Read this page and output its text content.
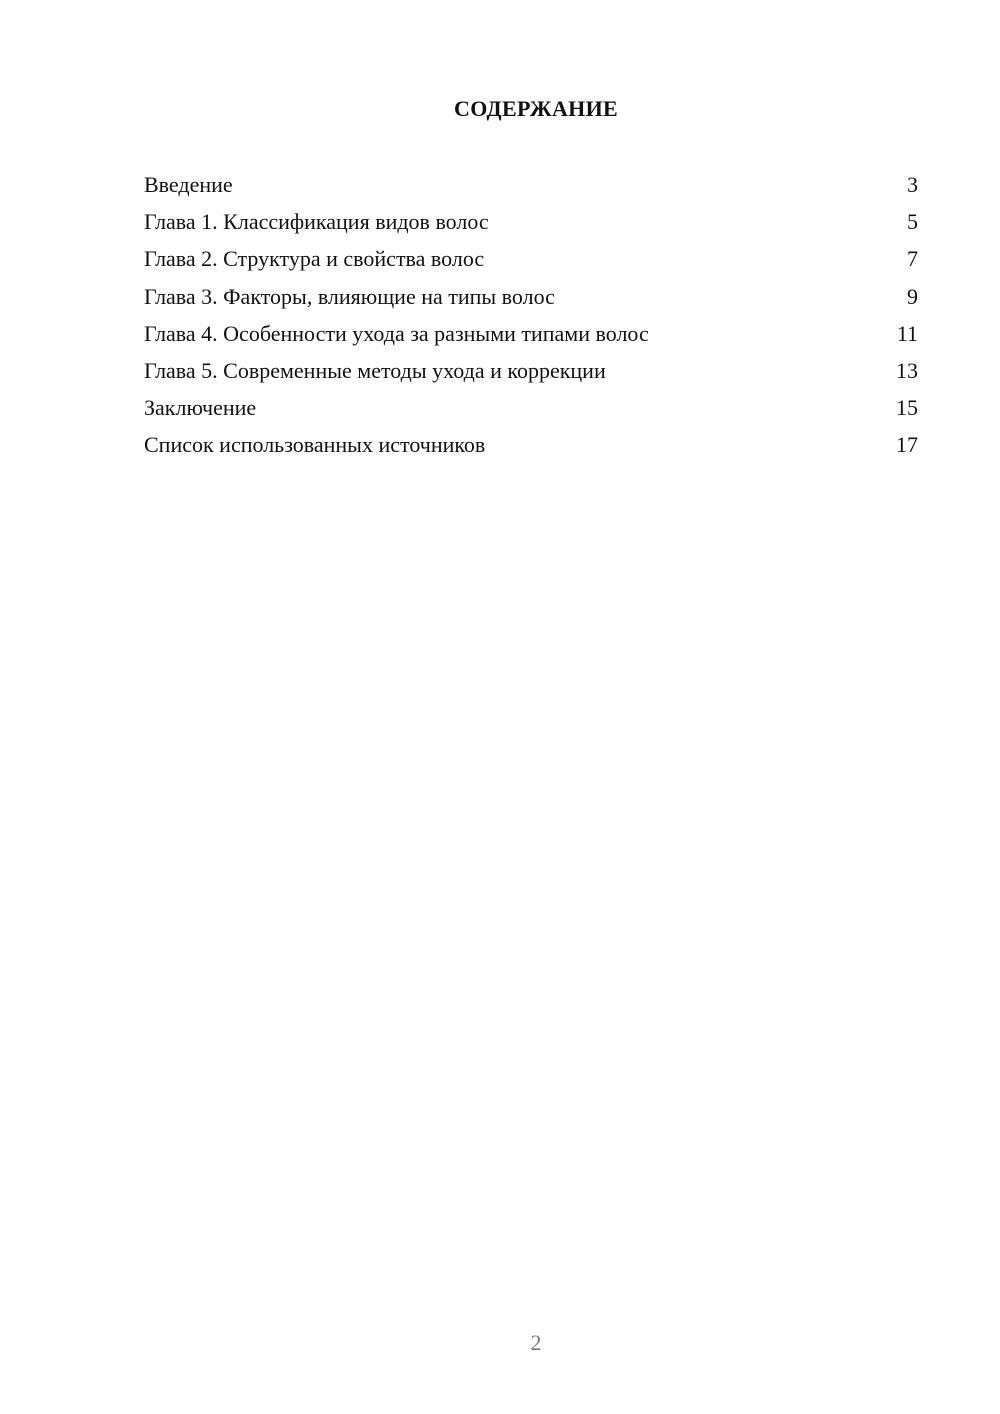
СОДЕРЖАНИЕ
Введение	3
Глава 1. Классификация видов волос	5
Глава 2. Структура и свойства волос	7
Глава 3. Факторы, влияющие на типы волос	9
Глава 4. Особенности ухода за разными типами волос	11
Глава 5. Современные методы ухода и коррекции	13
Заключение	15
Список использованных источников	17
2
